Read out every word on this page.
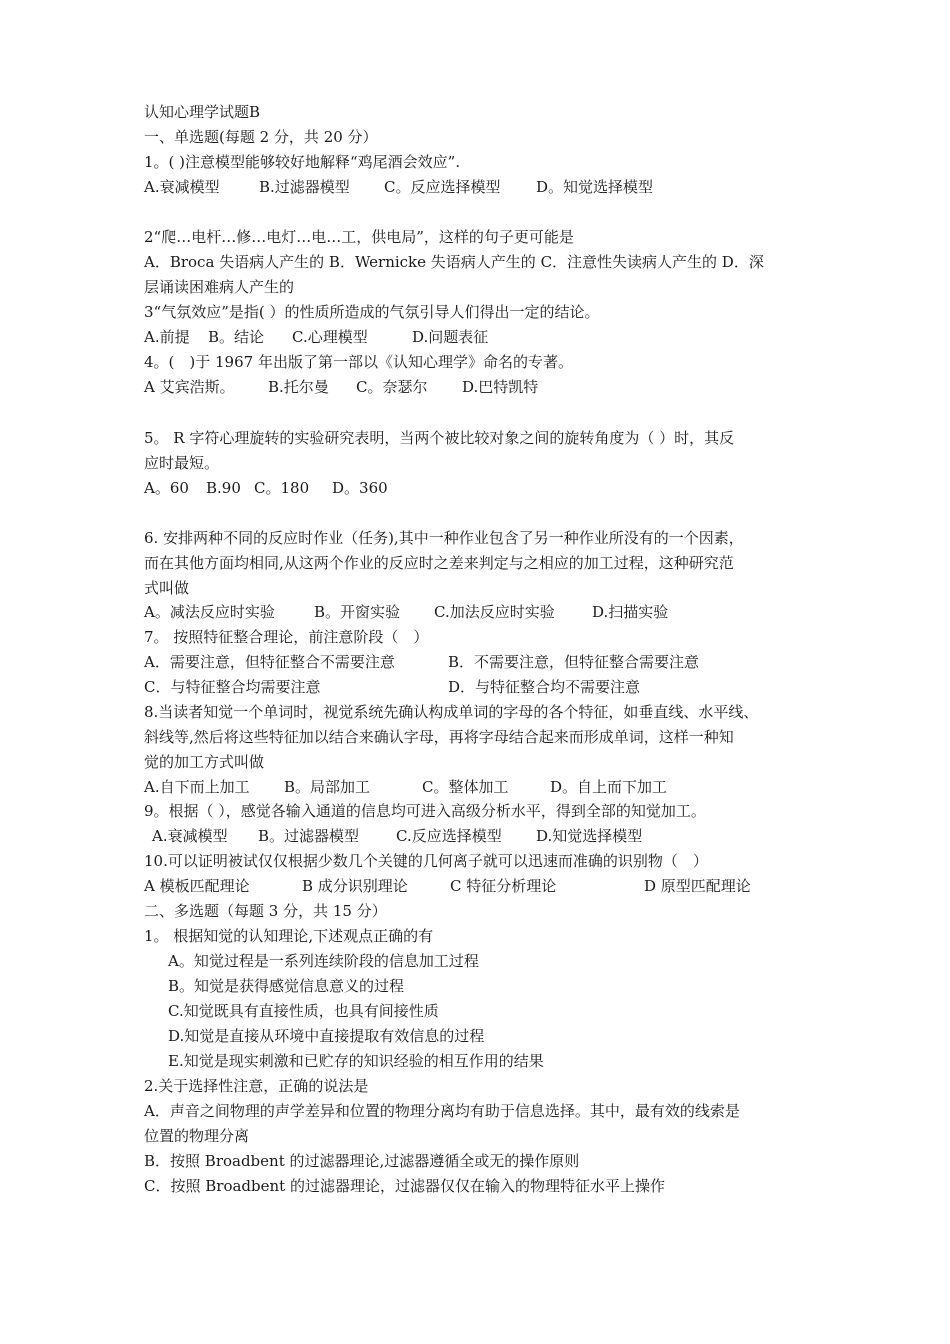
认知心理学试题B
一、单选题(每题 2 分，共 20 分）
1。( )注意模型能够较好地解释“鸡尾酒会效应”.
A.衰减模型	B.过滤器模型 C。反应选择模型 D。知觉选择模型
2“爬…电杆…修…电灯…电…工，供电局”，这样的句子更可能是
A．Broca 失语病人产生的 B．Wernicke 失语病人产生的 C．注意性失读病人产生的 D．深
层诵读困难病人产生的
3“气氛效应”是指( ）的性质所造成的气氛引导人们得出一定的结论。
A.前提 B。结论 C.心理模型	D.问题表征
4。(　)于 1967 年出版了第一部以《认知心理学》命名的专著。
A 艾宾浩斯。 B.托尔曼 C。奈瑟尔 D.巴特凯特
5。 R 字符心理旋转的实验研究表明，当两个被比较对象之间的旋转角度为（ ）时，其反
应时最短。
A。60 B.90 C。180 D。360
6. 安排两种不同的反应时作业（任务),其中一种作业包含了另一种作业所没有的一个因素，
而在其他方面均相同,从这两个作业的反应时之差来判定与之相应的加工过程，这种研究范
式叫做
A。减法反应时实验	B。开窗实验 C.加法反应时实验 D.扫描实验
7。 按照特征整合理论，前注意阶段（　）
A．需要注意，但特征整合不需要注意	B．不需要注意，但特征整合需要注意
C．与特征整合均需要注意	D．与特征整合均不需要注意
8.当读者知觉一个单词时，视觉系统先确认构成单词的字母的各个特征，如垂直线、水平线、
斜线等,然后将这些特征加以结合来确认字母，再将字母结合起来而形成单词，这样一种知
觉的加工方式叫做
A.自下而上加工 B。局部加工	C。整体加工	D。自上而下加工
9。根据（ ），感觉各输入通道的信息均可进入高级分析水平，得到全部的知觉加工。
A.衰减模型 B。过滤器模型 C.反应选择模型 D.知觉选择模型
10.可以证明被试仅仅根据少数几个关键的几何离子就可以迅速而准确的识别物（　）
A 模板匹配理论	B 成分识别理论	C 特征分析理论	D 原型匹配理论
二、多选题（每题 3 分，共 15 分）
1。 根据知觉的认知理论,下述观点正确的有
A。知觉过程是一系列连续阶段的信息加工过程
B。知觉是获得感觉信息意义的过程
C.知觉既具有直接性质，也具有间接性质
D.知觉是直接从环境中直接提取有效信息的过程
E.知觉是现实刺激和已贮存的知识经验的相互作用的结果
2.关于选择性注意，正确的说法是
A．声音之间物理的声学差异和位置的物理分离均有助于信息选择。其中，最有效的线索是
位置的物理分离
B．按照 Broadbent 的过滤器理论,过滤器遵循全或无的操作原则
C．按照 Broadbent 的过滤器理论，过滤器仅仅在输入的物理特征水平上操作
